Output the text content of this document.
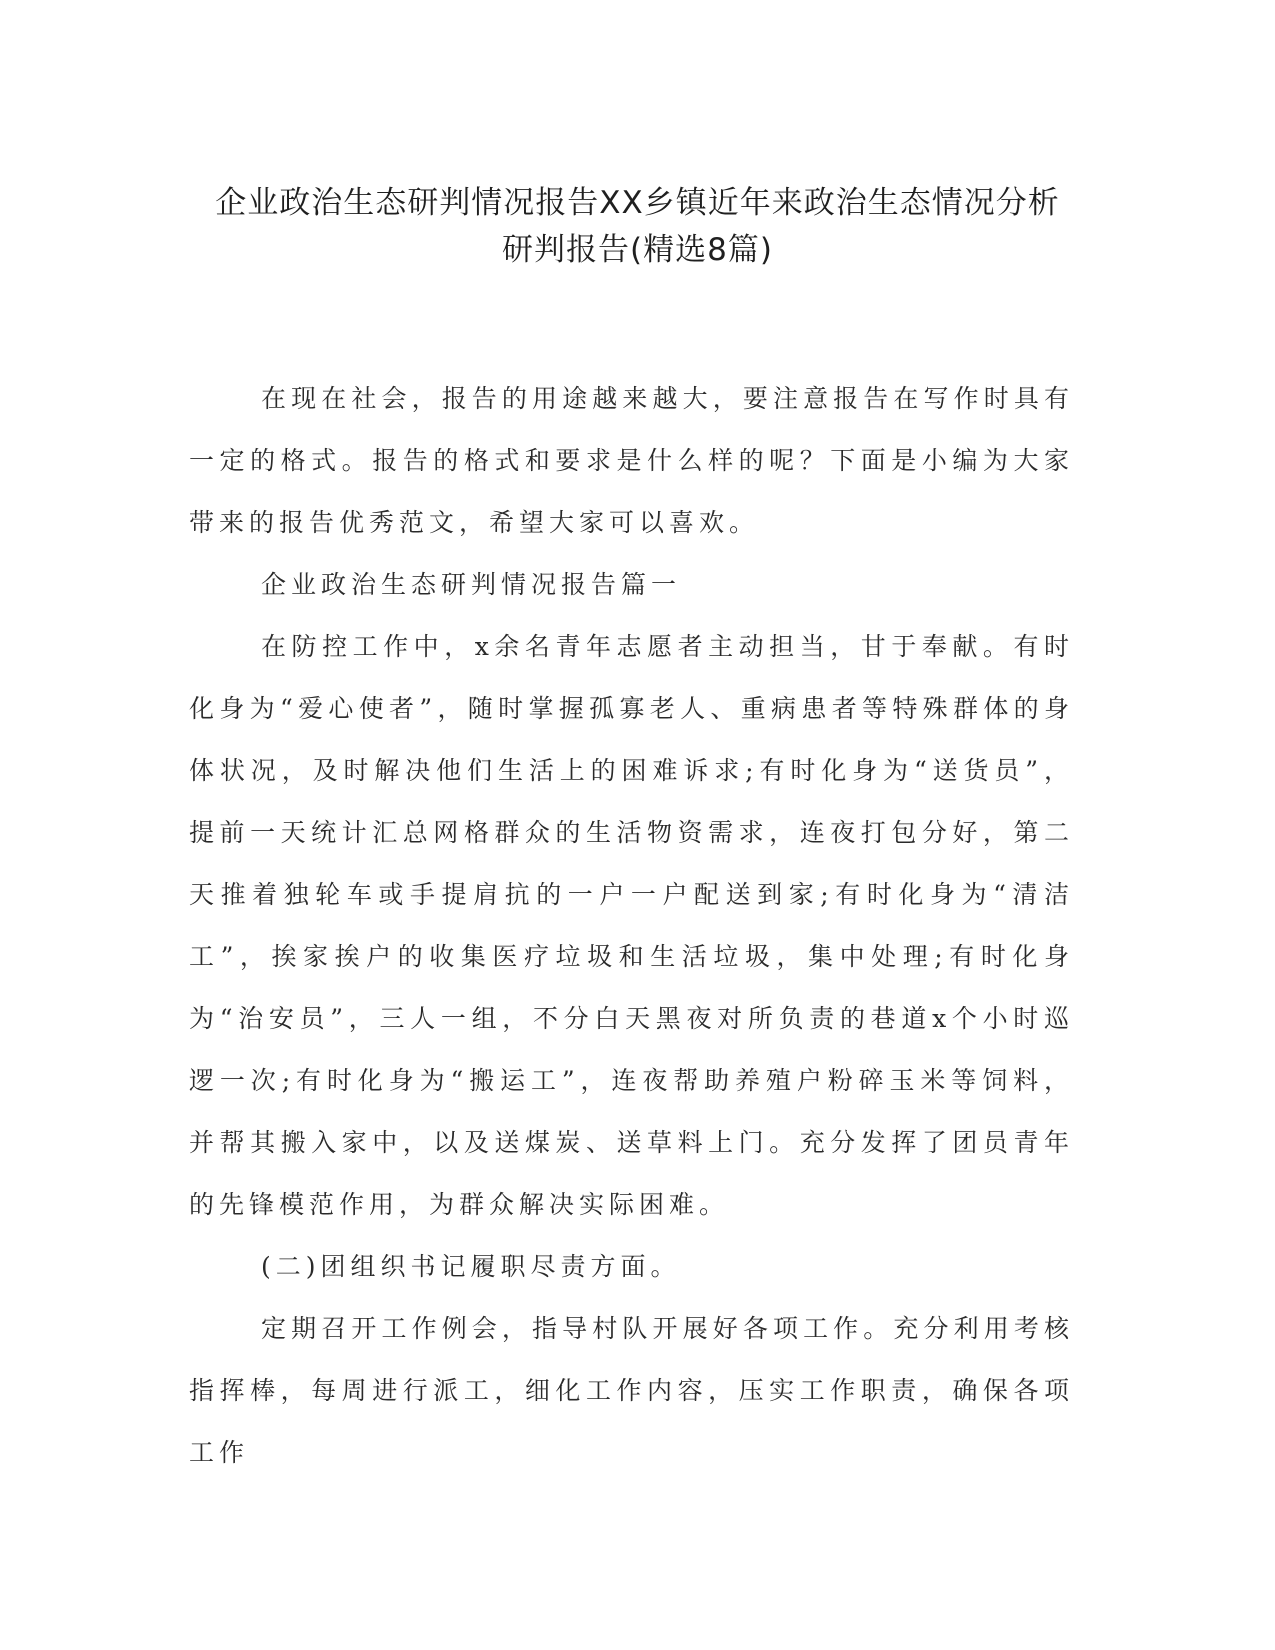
企业政治生态研判情况报告XX乡镇近年来政治生态情况分析
研判报告(精选8篇)

在现在社会，报告的用途越来越大，要注意报告在写作时具有一定的格式。报告的格式和要求是什么样的呢？下面是小编为大家带来的报告优秀范文，希望大家可以喜欢。

企业政治生态研判情况报告篇一

在防控工作中，x余名青年志愿者主动担当，甘于奉献。有时化身为“爱心使者”，随时掌握孤寡老人、重病患者等特殊群体的身体状况，及时解决他们生活上的困难诉求;有时化身为“送货员”，提前一天统计汇总网格群众的生活物资需求，连夜打包分好，第二天推着独轮车或手提肩抗的一户一户配送到家;有时化身为“清洁工”，挨家挨户的收集医疗垃圾和生活垃圾，集中处理;有时化身为“治安员”，三人一组，不分白天黑夜对所负责的巷道x个小时巡逻一次;有时化身为“搬运工”，连夜帮助养殖户粉碎玉米等饲料，并帮其搬入家中，以及送煤炭、送草料上门。充分发挥了团员青年的先锋模范作用，为群众解决实际困难。

(二)团组织书记履职尽责方面。

定期召开工作例会，指导村队开展好各项工作。充分利用考核指挥棒，每周进行派工，细化工作内容，压实工作职责，确保各项工作
